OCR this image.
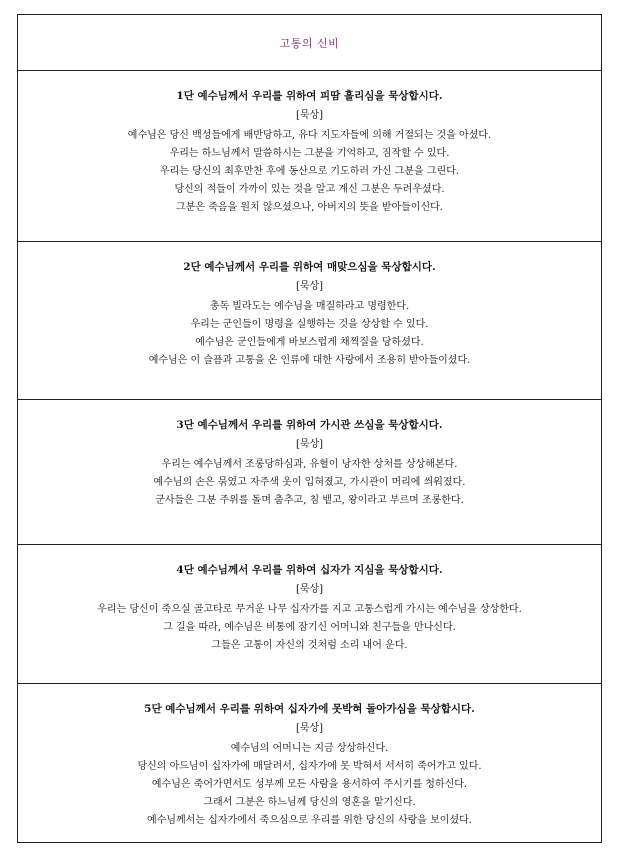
고통의 신비

1단 예수님께서 우리를 위하여 피땀 흘리심을 묵상합시다.

[묵상]

예수님은 당신 백성들에게 배반당하고, 유다 지도자들에 의해 거절되는 것을 아셨다.

우리는 하느님께서 말씀하시는 그분을 기억하고, 짐작할 수 있다.

우리는 당신의 최후만찬 후에 동산으로 기도하러 가신 그분을 그린다.

당신의 적들이 가까이 있는 것을 알고 계신 그분은 두려우셨다.

그분은 죽음을 원치 않으셨으나, 아버지의 뜻을 받아들이신다.

2단 예수님께서 우리를 위하여 매맞으심을 묵상합시다.

[묵상]

총독 빌라도는 예수님을 매질하라고 명령한다.

우리는 군인들이 명령을 실행하는 것을 상상할 수 있다.

예수님은 군인들에게 바보스럽게 채찍질을 당하셨다.

예수님은 이 슬픔과 고통을 온 인류에 대한 사랑에서 조용히 받아들이셨다.

3단 예수님께서 우리를 위하여 가시관 쓰심을 묵상합시다.

[묵상]

우리는 예수님께서 조롱당하심과, 유혈이 낭자한 상처를 상상해본다.

예수님의 손은 묶였고 자주색 옷이 입혀졌고, 가시관이 머리에 씌워졌다.

군사들은 그분 주위를 돌며 춤추고, 침 뱉고, 왕이라고 부르며 조롱한다.

4단 예수님께서 우리를 위하여 십자가 지심을 묵상합시다.

[묵상]

우리는 당신이 죽으실 골고타로 무거운 나무 십자가를 지고 고통스럽게 가시는 예수님을 상상한다.

그 길을 따라, 예수님은 비통에 잠기신 어머니와 친구들을 만나신다.

그들은 고통이 자신의 것처럼 소리 내어 운다.

5단 예수님께서 우리를 위하여 십자가에 못박혀 돌아가심을 묵상합시다.

[묵상]

예수님의 어머니는 지금 상상하신다.

당신의 아드님이 십자가에 매달려서, 십자가에 못 박혀서 서서히 죽어가고 있다.

예수님은 죽어가면서도 성부께 모든 사람을 용서하여 주시기를 청하신다.

그래서 그분은 하느님께 당신의 영혼을 맡기신다.

예수님께서는 십자가에서 죽으심으로 우리를 위한 당신의 사랑을 보이셨다.
